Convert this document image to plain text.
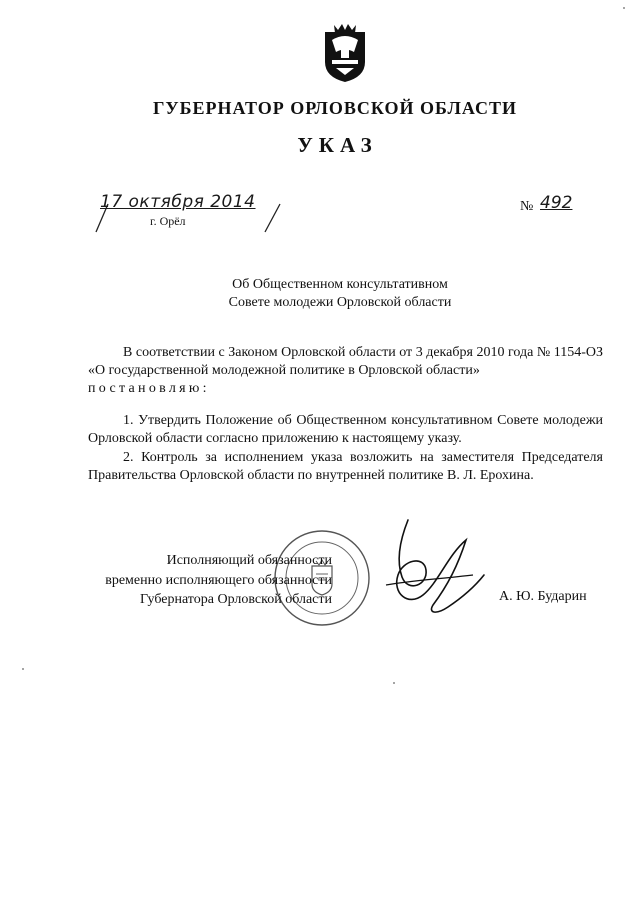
ГУБЕРНАТОР ОРЛОВСКОЙ ОБЛАСТИ
УКАЗ
17 октября 2014
г. Орёл
№ 492
Об Общественном консультативном
Совете молодежи Орловской области
В соответствии с Законом Орловской области от 3 декабря 2010 года № 1154-ОЗ «О государственной молодежной политике в Орловской области»
постановляю:
1. Утвердить Положение об Общественном консультативном Совете молодежи Орловской области согласно приложению к настоящему указу.
2. Контроль за исполнением указа возложить на заместителя Председателя Правительства Орловской области по внутренней политике В. Л. Ерохина.
Исполняющий обязанности
временно исполняющего обязанности
Губернатора Орловской области	А. Ю. Бударин
